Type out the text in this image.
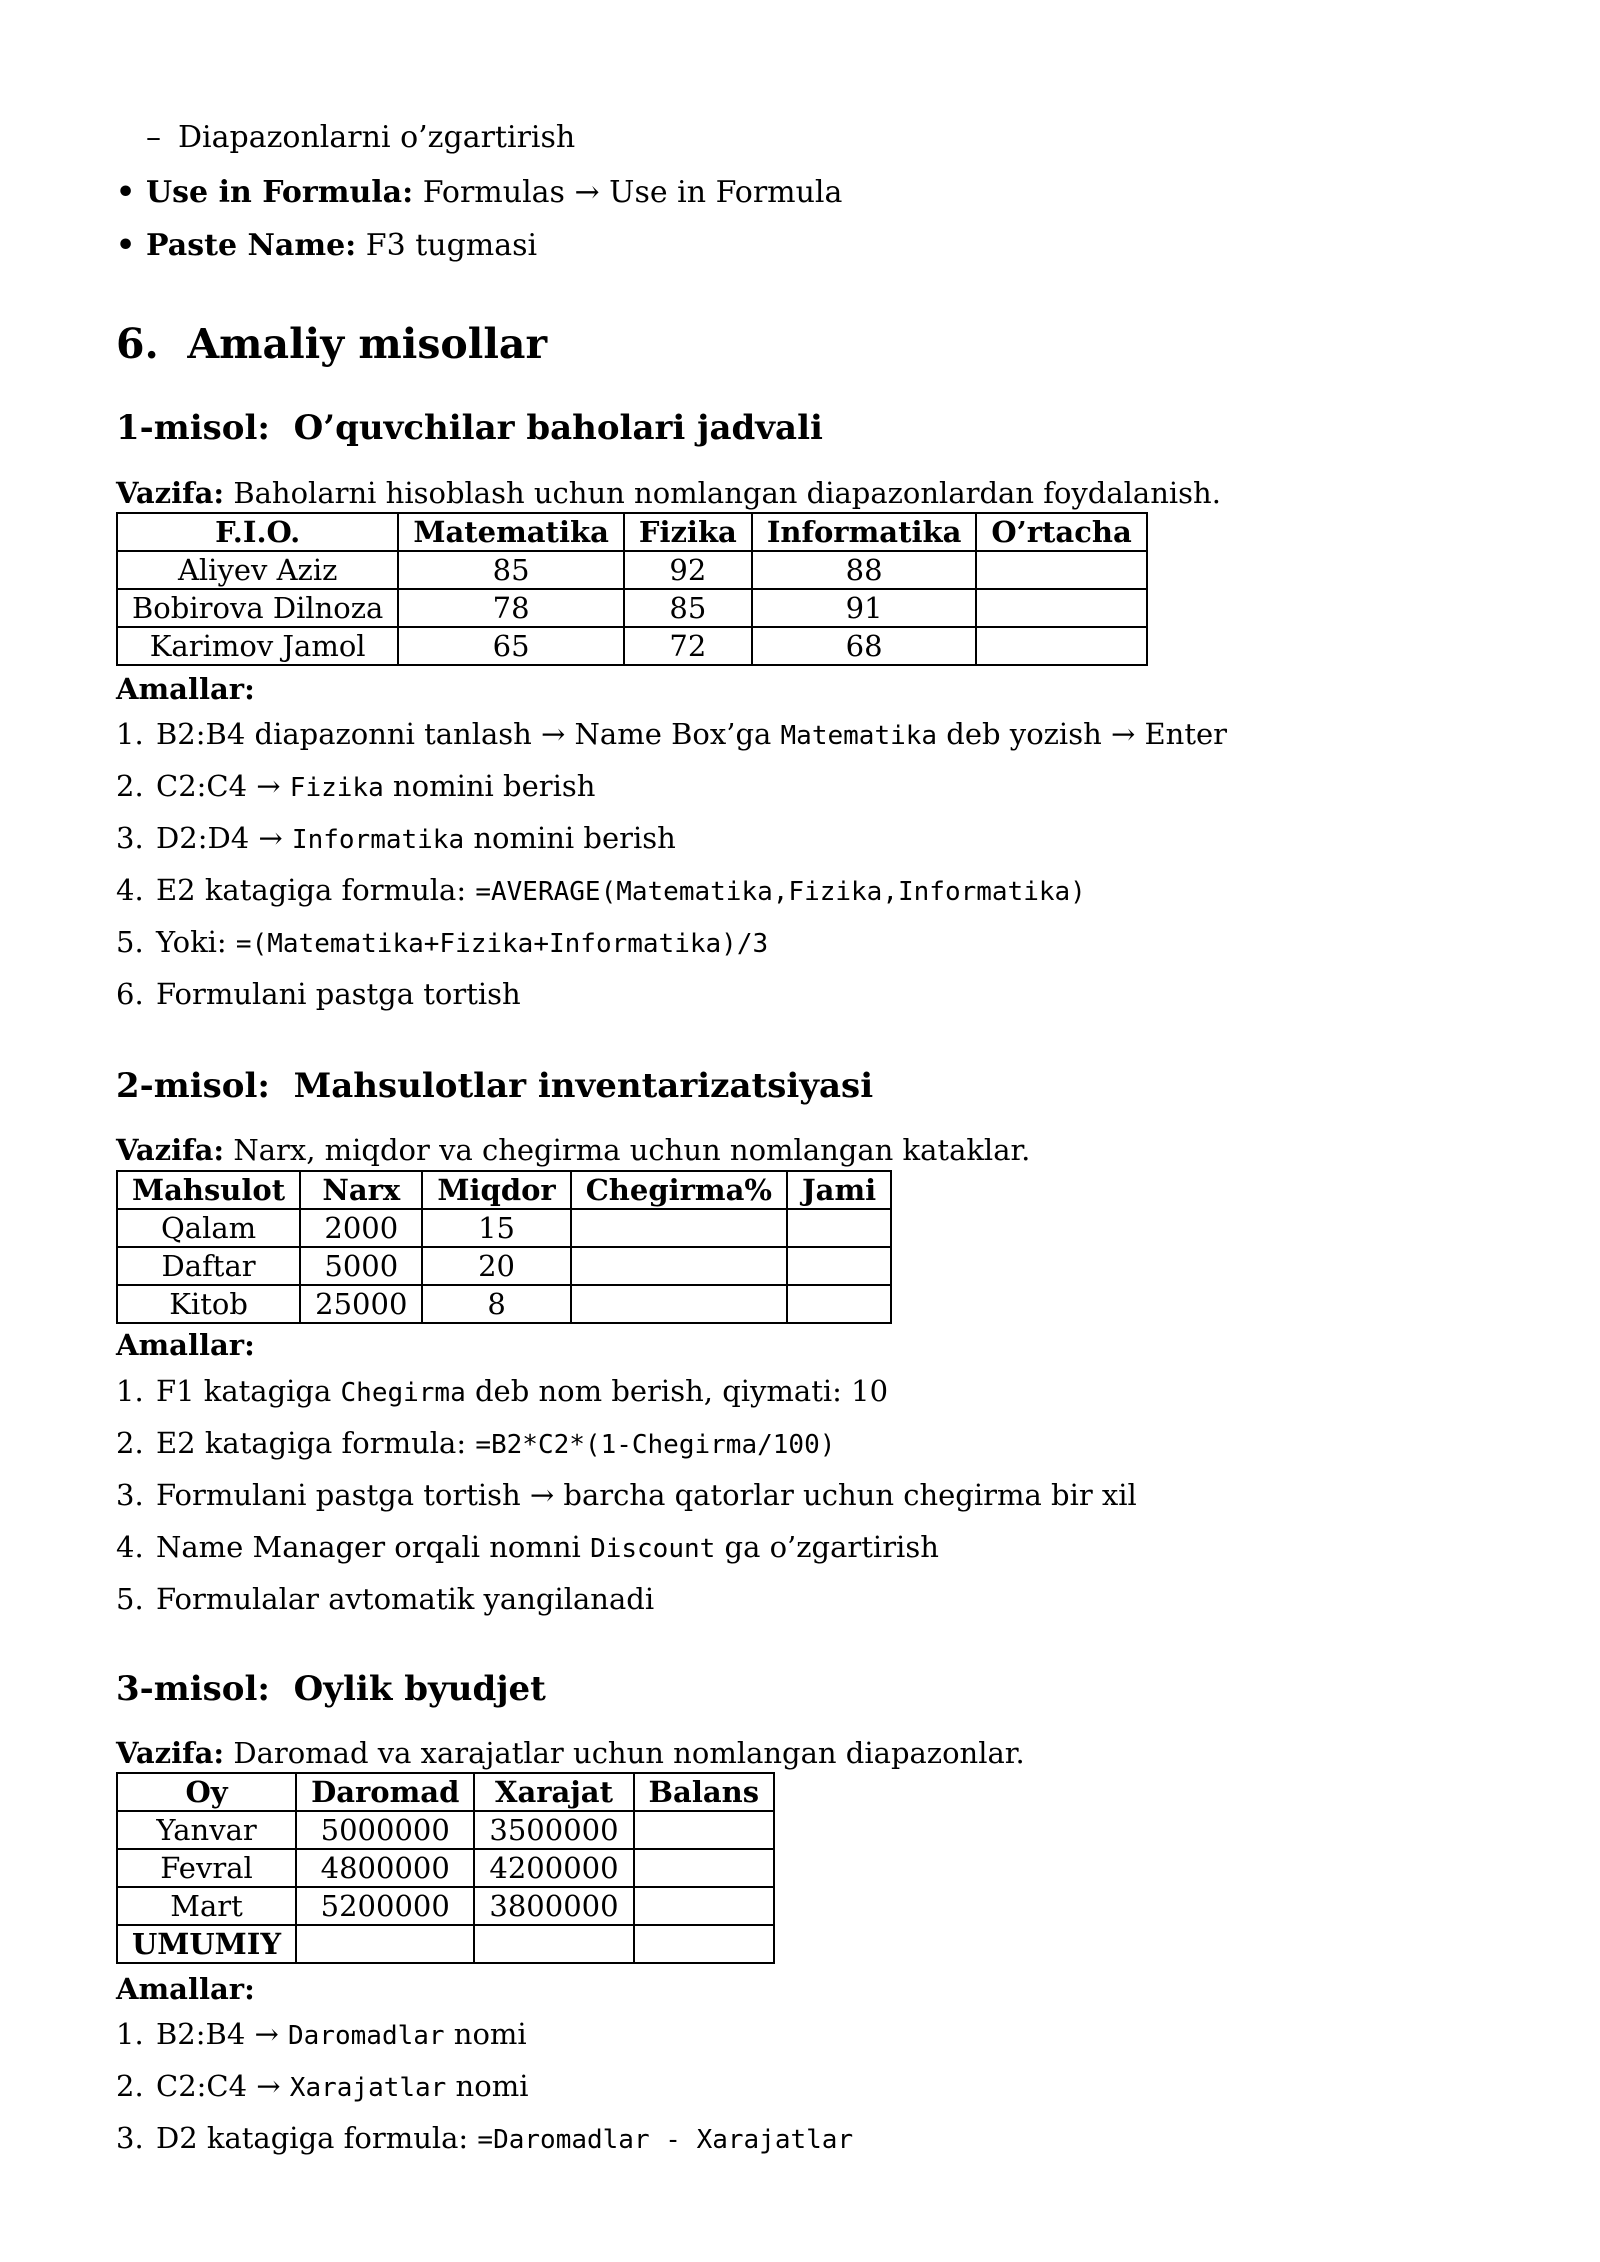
– Diapazonlarni o’zgartirish
• Use in Formula: Formulas → Use in Formula
• Paste Name: F3 tugmasi
6.  Amaliy misollar
1-misol:  O’quvchilar baholari jadvali
Vazifa: Baholarni hisoblash uchun nomlangan diapazonlardan foydalanish.
F.I.O.	Matematika	Fizika	Informatika	O’rtacha
Aliyev Aziz	85	92	88	
Bobirova Dilnoza	78	85	91	
Karimov Jamol	65	72	68	
Amallar:
1. B2:B4 diapazonni tanlash → Name Box’ga Matematika deb yozish → Enter
2. C2:C4 → Fizika nomini berish
3. D2:D4 → Informatika nomini berish
4. E2 katagiga formula: =AVERAGE(Matematika,Fizika,Informatika)
5. Yoki: =(Matematika+Fizika+Informatika)/3
6. Formulani pastga tortish
2-misol:  Mahsulotlar inventarizatsiyasi
Vazifa: Narx, miqdor va chegirma uchun nomlangan kataklar.
Mahsulot	Narx	Miqdor	Chegirma%	Jami
Qalam	2000	15		
Daftar	5000	20		
Kitob	25000	8		
Amallar:
1. F1 katagiga Chegirma deb nom berish, qiymati: 10
2. E2 katagiga formula: =B2*C2*(1-Chegirma/100)
3. Formulani pastga tortish → barcha qatorlar uchun chegirma bir xil
4. Name Manager orqali nomni Discount ga o’zgartirish
5. Formulalar avtomatik yangilanadi
3-misol:  Oylik byudjet
Vazifa: Daromad va xarajatlar uchun nomlangan diapazonlar.
Oy	Daromad	Xarajat	Balans
Yanvar	5000000	3500000	
Fevral	4800000	4200000	
Mart	5200000	3800000	
UMUMIY			
Amallar:
1. B2:B4 → Daromadlar nomi
2. C2:C4 → Xarajatlar nomi
3. D2 katagiga formula: =Daromadlar - Xarajatlar
